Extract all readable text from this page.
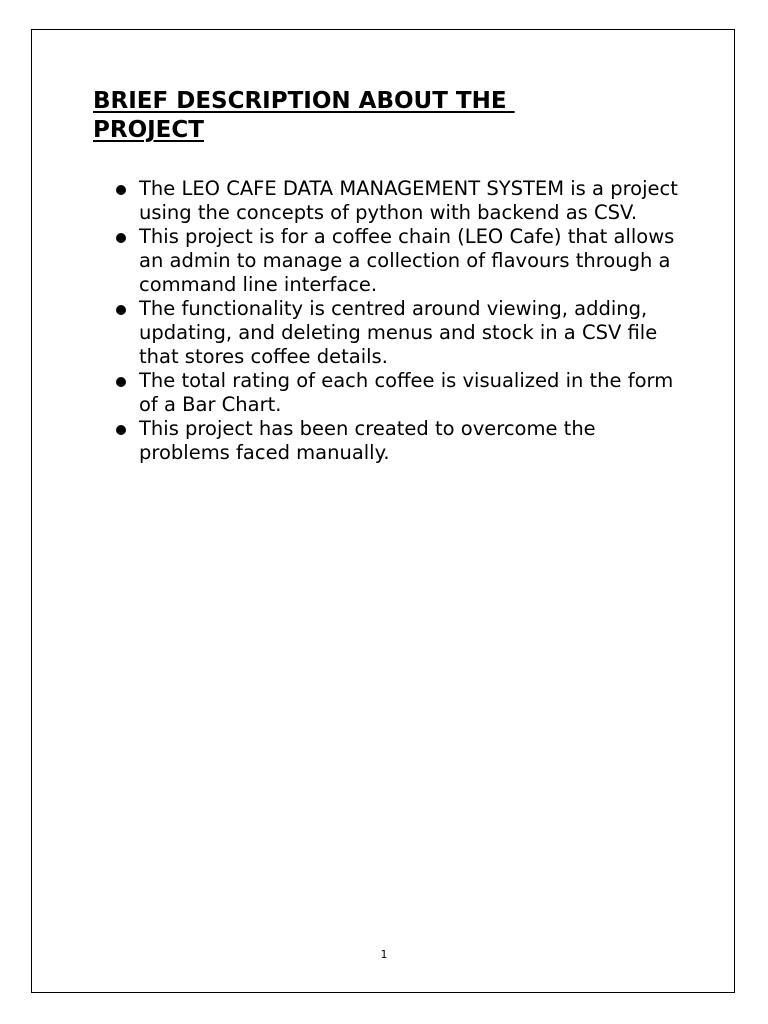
BRIEF DESCRIPTION ABOUT THE PROJECT
The LEO CAFE DATA MANAGEMENT SYSTEM is a project using the concepts of python with backend as CSV.
This project is for a coffee chain (LEO Cafe) that allows an admin to manage a collection of flavours through a command line interface.
The functionality is centred around viewing, adding, updating, and deleting menus and stock in a CSV file that stores coffee details.
The total rating of each coffee is visualized in the form of a Bar Chart.
This project has been created to overcome the problems faced manually.
1
